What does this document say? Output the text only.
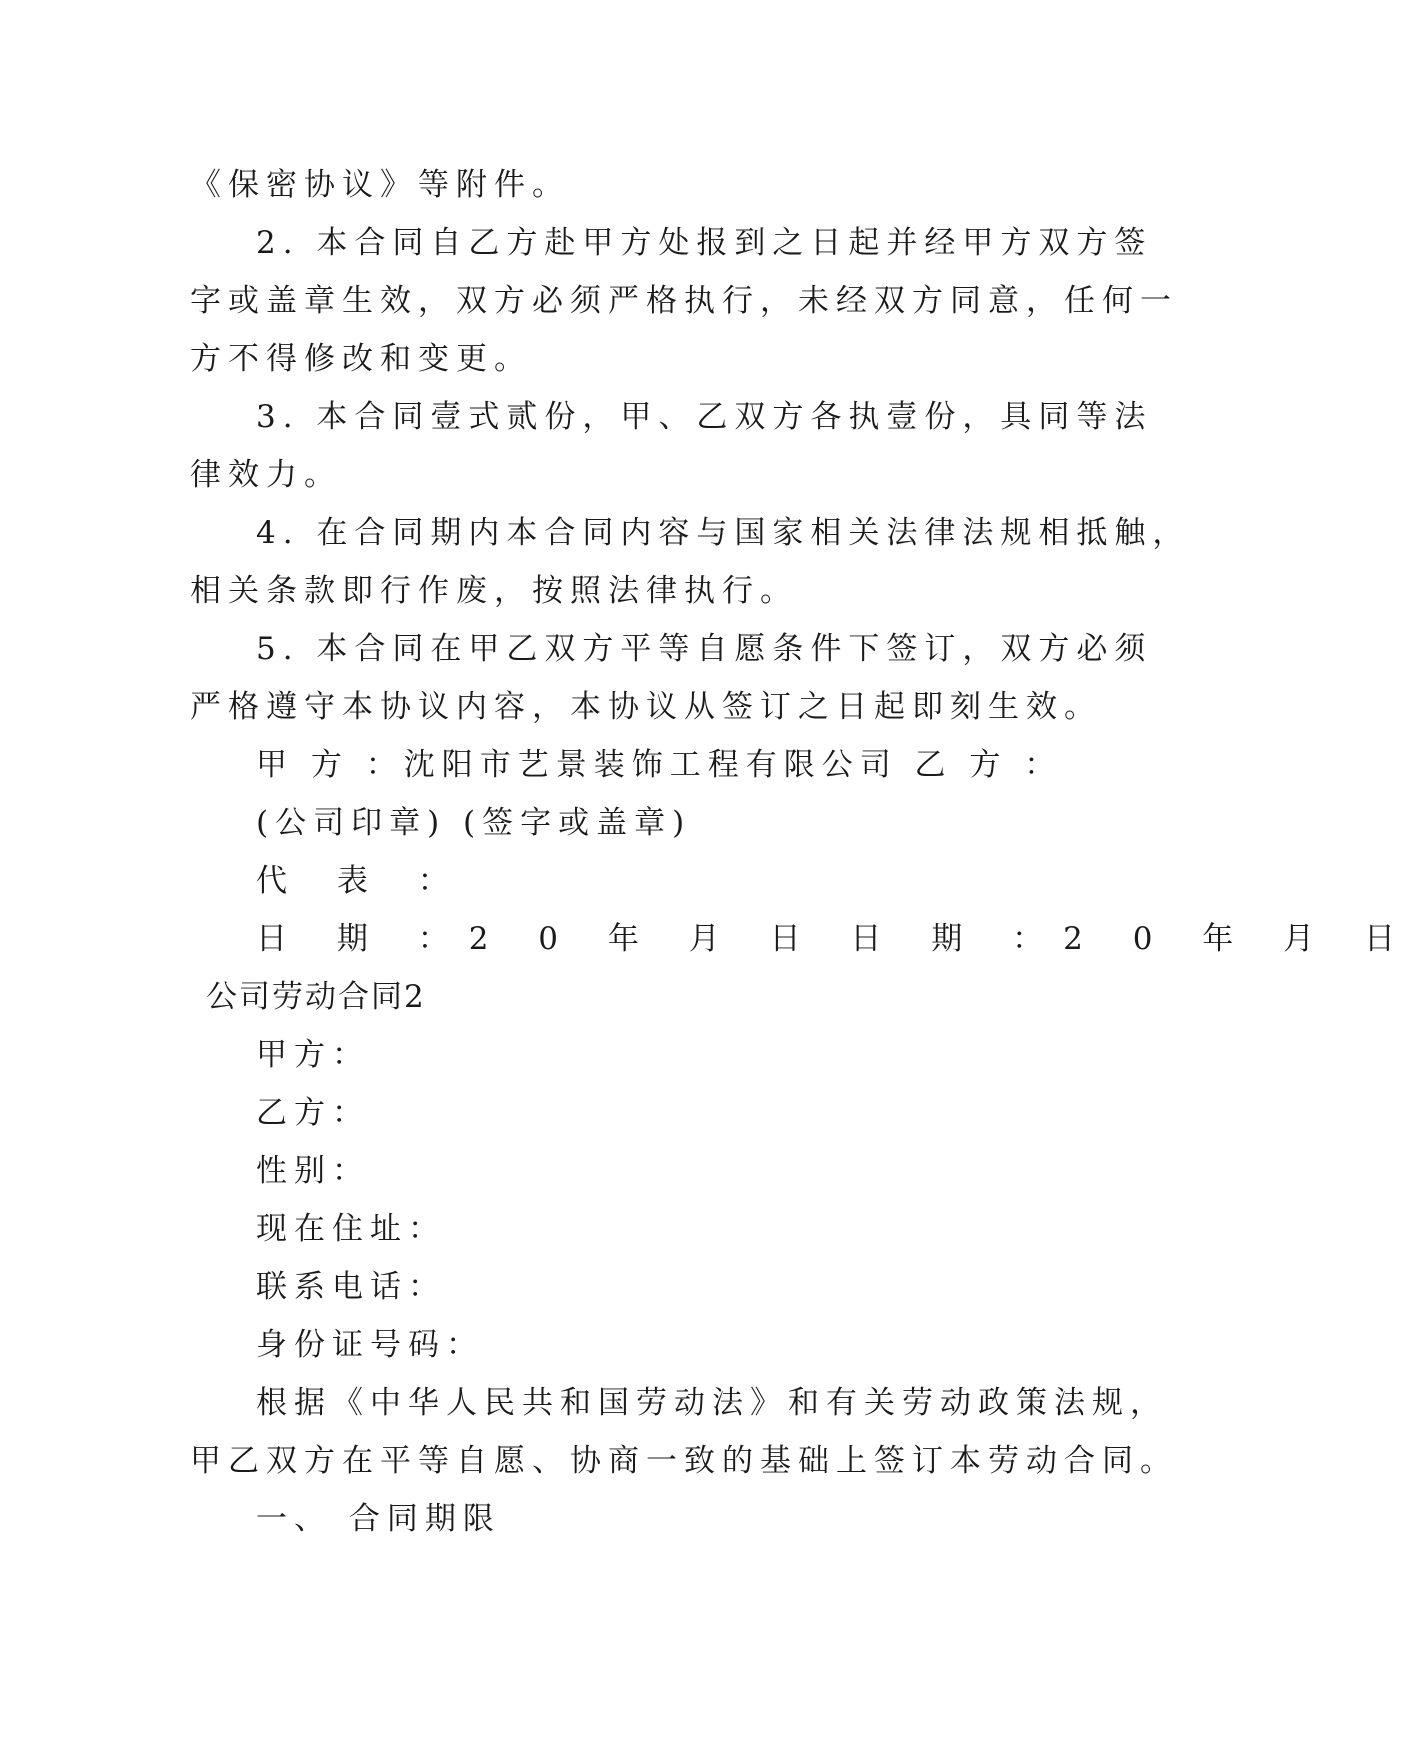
《保密协议》等附件。
2. 本合同自乙方赴甲方处报到之日起并经甲方双方签
字或盖章生效，双方必须严格执行，未经双方同意，任何一
方不得修改和变更。
3. 本合同壹式贰份，甲、乙双方各执壹份，具同等法
律效力。
4. 在合同期内本合同内容与国家相关法律法规相抵触，
相关条款即行作废，按照法律执行。
5. 本合同在甲乙双方平等自愿条件下签订，双方必须
严格遵守本协议内容，本协议从签订之日起即刻生效。
甲 方 ：沈阳市艺景装饰工程有限公司 乙 方 ：
(公司印章) (签字或盖章)
代 表 ：
日 期 ：2 0 年 月 日 日 期 ：2 0 年 月 日
公司劳动合同2
甲方：
乙方：
性别：
现在住址：
联系电话：
身份证号码：
根据《中华人民共和国劳动法》和有关劳动政策法规，
甲乙双方在平等自愿、协商一致的基础上签订本劳动合同。
一、 合同期限
